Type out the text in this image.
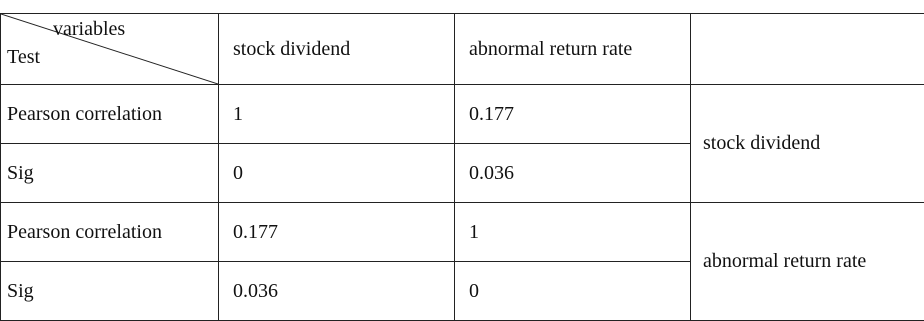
variables
Test	stock dividend	abnormal return rate	
Pearson correlation	1	0.177	stock dividend
Sig	0	0.036	
Pearson correlation	0.177	1	abnormal return rate
Sig	0.036	0	
